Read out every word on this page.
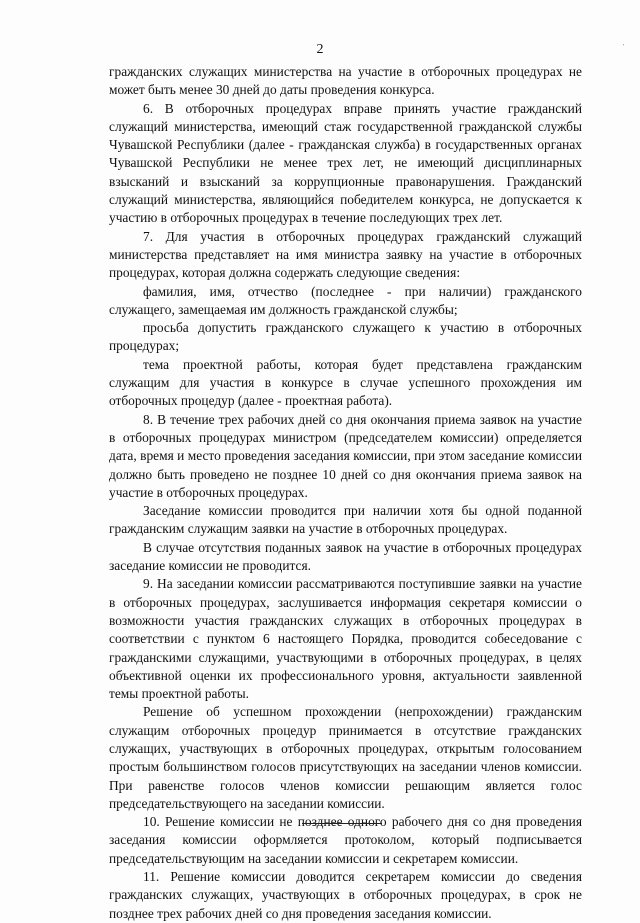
2	'

гражданских служащих министерства на участие в отборочных процедурах не может быть менее 30 дней до даты проведения конкурса.

6. В отборочных процедурах вправе принять участие гражданский служащий министерства, имеющий стаж государственной гражданской службы Чувашской Республики (далее - гражданская служба) в государственных органах Чувашской Республики не менее трех лет, не имеющий дисциплинарных взысканий и взысканий за коррупционные правонарушения. Гражданский служащий министерства, являющийся победителем конкурса, не допускается к участию в отборочных процедурах в течение последующих трех лет.

7. Для участия в отборочных процедурах гражданский служащий министерства представляет на имя министра заявку на участие в отборочных процедурах, которая должна содержать следующие сведения:

фамилия, имя, отчество (последнее - при наличии) гражданского служащего, замещаемая им должность гражданской службы;

просьба допустить гражданского служащего к участию в отборочных процедурах;

тема проектной работы, которая будет представлена гражданским служащим для участия в конкурсе в случае успешного прохождения им отборочных процедур (далее - проектная работа).

8. В течение трех рабочих дней со дня окончания приема заявок на участие в отборочных процедурах министром (председателем комиссии) определяется дата, время и место проведения заседания комиссии, при этом заседание комиссии должно быть проведено не позднее 10 дней со дня окончания приема заявок на участие в отборочных процедурах.

Заседание комиссии проводится при наличии хотя бы одной поданной гражданским служащим заявки на участие в отборочных процедурах.

В случае отсутствия поданных заявок на участие в отборочных процедурах заседание комиссии не проводится.

9. На заседании комиссии рассматриваются поступившие заявки на участие в отборочных процедурах, заслушивается информация секретаря комиссии о возможности участия гражданских служащих в отборочных процедурах в соответствии с пунктом 6 настоящего Порядка, проводится собеседование с гражданскими служащими, участвующими в отборочных процедурах, в целях объективной оценки их профессионального уровня, актуальности заявленной темы проектной работы.

Решение об успешном прохождении (непрохождении) гражданским служащим отборочных процедур принимается в отсутствие гражданских служащих, участвующих в отборочных процедурах, открытым голосованием простым большинством голосов присутствующих на заседании членов комиссии. При равенстве голосов членов комиссии решающим является голос председательствующего на заседании комиссии.

10. Решение комиссии не позднее одного рабочего дня со дня проведения заседания комиссии оформляется протоколом, который подписывается председательствующим на заседании комиссии и секретарем комиссии.

11. Решение комиссии доводится секретарем комиссии до сведения гражданских служащих, участвующих в отборочных процедурах, в срок не позднее трех рабочих дней со дня проведения заседания комиссии.
